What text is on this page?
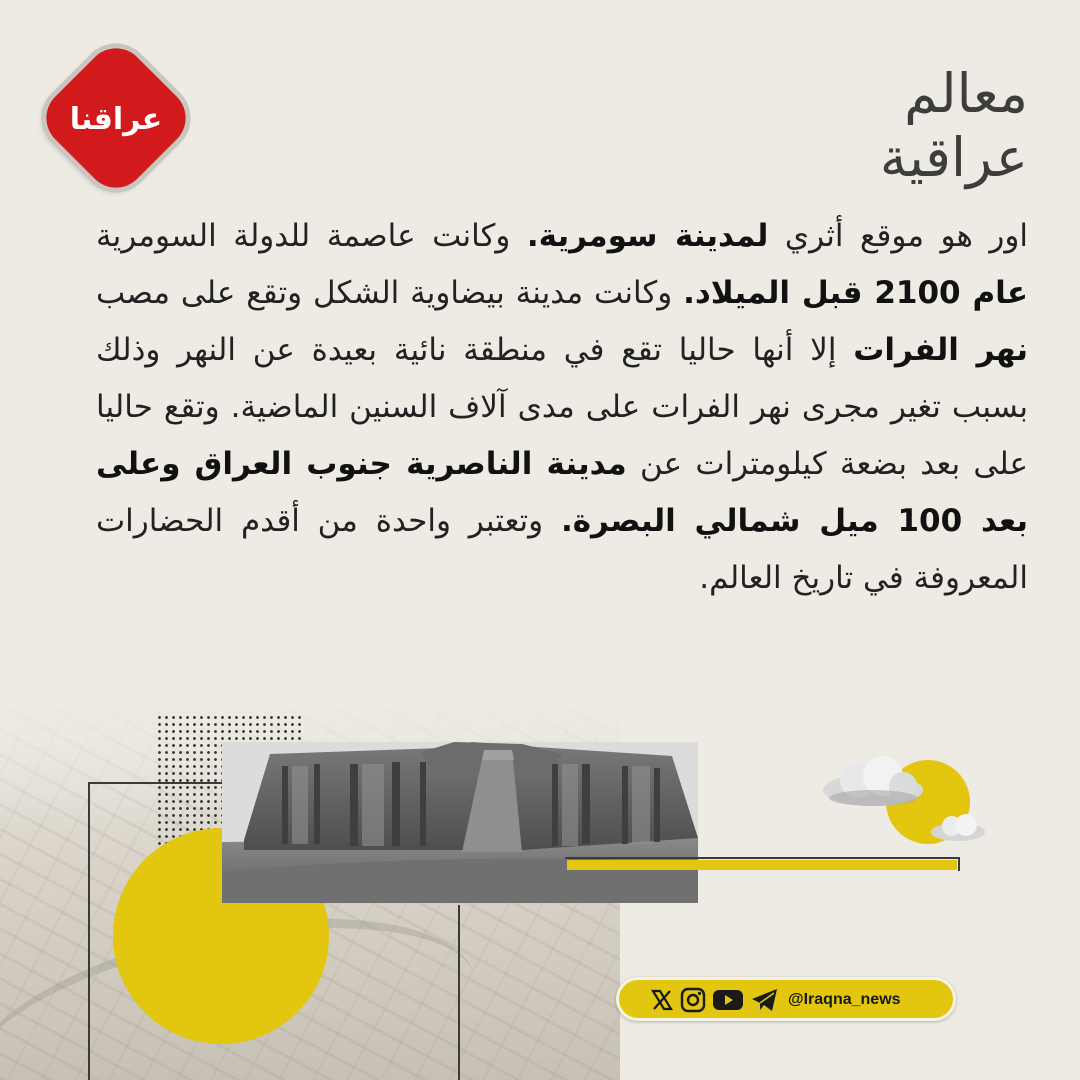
عراقنا	معالم
عراقية

اور هو موقع أثري لمدينة سومرية. وكانت عاصمة للدولة السومرية عام 2100 قبل الميلاد. وكانت مدينة بيضاوية الشكل وتقع على مصب نهر الفرات إلا أنها حاليا تقع في منطقة نائية بعيدة عن النهر وذلك بسبب تغير مجرى نهر الفرات على مدى آلاف السنين الماضية. وتقع حاليا على بعد بضعة كيلومترات عن مدينة الناصرية جنوب العراق وعلى بعد 100 ميل شمالي البصرة. وتعتبر واحدة من أقدم الحضارات المعروفة في تاريخ العالم.

@Iraqna_news
